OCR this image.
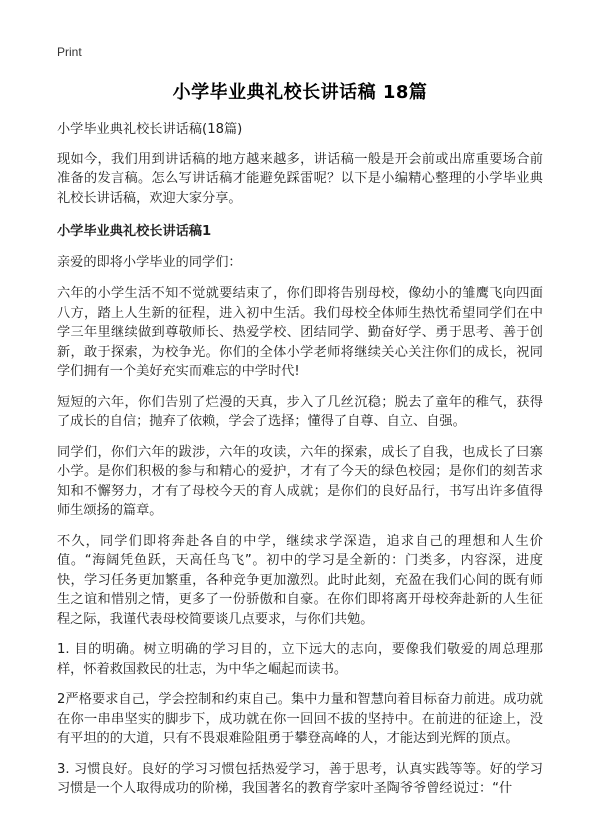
Print
小学毕业典礼校长讲话稿 18篇

小学毕业典礼校长讲话稿(18篇)

现如今，我们用到讲话稿的地方越来越多，讲话稿一般是开会前或出席重要场合前准备的发言稿。怎么写讲话稿才能避免踩雷呢？以下是小编精心整理的小学毕业典礼校长讲话稿，欢迎大家分享。

小学毕业典礼校长讲话稿1

亲爱的即将小学毕业的同学们：

六年的小学生活不知不觉就要结束了，你们即将告别母校，像幼小的雏鹰飞向四面八方，踏上人生新的征程，进入初中生活。我们母校全体师生热忱希望同学们在中学三年里继续做到尊敬师长、热爱学校、团结同学、勤奋好学、勇于思考、善于创新，敢于探索，为校争光。你们的全体小学老师将继续关心关注你们的成长，祝同学们拥有一个美好充实而难忘的中学时代!

短短的六年，你们告别了烂漫的天真，步入了几丝沉稳；脱去了童年的稚气，获得了成长的自信；抛弃了依赖，学会了选择；懂得了自尊、自立、自强。

同学们，你们六年的跋涉，六年的攻读，六年的探索，成长了自我，也成长了曰寨小学。是你们积极的参与和精心的爱护，才有了今天的绿色校园；是你们的刻苦求知和不懈努力，才有了母校今天的育人成就；是你们的良好品行，书写出许多值得师生颂扬的篇章。

不久，同学们即将奔赴各自的中学，继续求学深造，追求自己的理想和人生价值。“海阔凭鱼跃，天高任鸟飞”。初中的学习是全新的：门类多，内容深，进度快，学习任务更加繁重，各种竞争更加激烈。此时此刻，充盈在我们心间的既有师生之谊和惜别之情，更多了一份骄傲和自豪。在你们即将离开母校奔赴新的人生征程之际，我谨代表母校简要谈几点要求，与你们共勉。

1. 目的明确。树立明确的学习目的，立下远大的志向，要像我们敬爱的周总理那样，怀着救国救民的壮志，为中华之崛起而读书。

2严格要求自己，学会控制和约束自己。集中力量和智慧向着目标奋力前进。成功就在你一串串坚实的脚步下，成功就在你一回回不拔的坚持中。在前进的征途上，没有平坦的的大道，只有不畏艰难险阻勇于攀登高峰的人，才能达到光辉的顶点。

3. 习惯良好。良好的学习习惯包括热爱学习，善于思考，认真实践等等。好的学习习惯是一个人取得成功的阶梯，我国著名的教育学家叶圣陶爷爷曾经说过：“什
